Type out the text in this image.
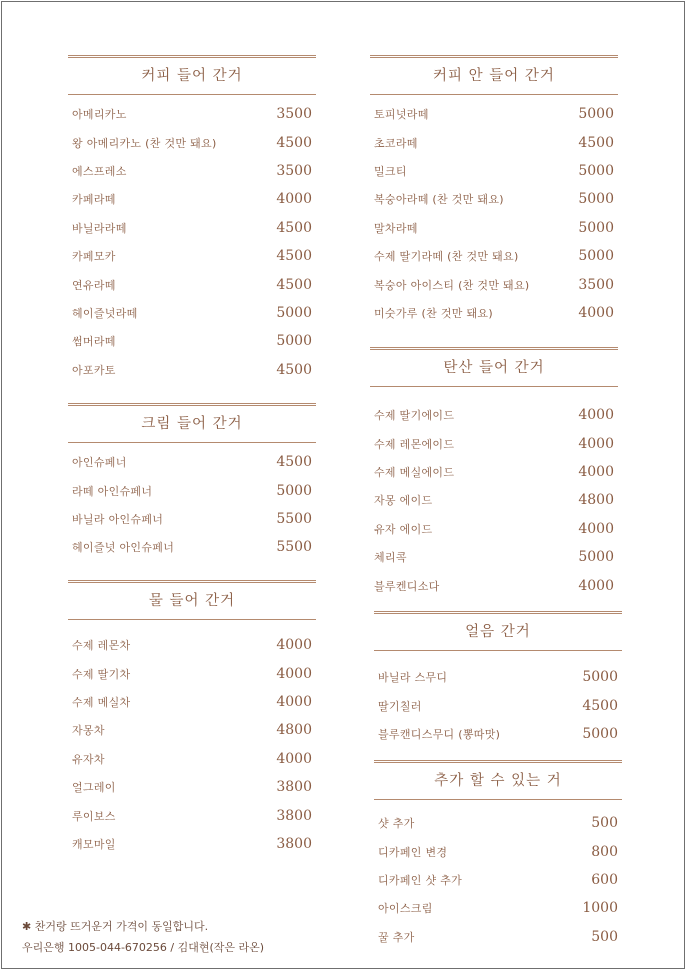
커피 들어 간거
아메리카노	3500
왕 아메리카노 (찬 것만 돼요)	4500
에스프레소	3500
카페라떼	4000
바닐라라떼	4500
카페모카	4500
연유라떼	4500
헤이즐넛라떼	5000
썸머라떼	5000
아포카토	4500
크림 들어 간거
아인슈페너	4500
라떼 아인슈페너	5000
바닐라 아인슈페너	5500
헤이즐넛 아인슈페너	5500
물 들어 간거
수제 레몬차	4000
수제 딸기차	4000
수제 메실차	4000
자몽차	4800
유자차	4000
얼그레이	3800
루이보스	3800
캐모마일	3800
커피 안 들어 간거
토피넛라떼	5000
초코라떼	4500
밀크티	5000
복숭아라떼 (찬 것만 돼요)	5000
말차라떼	5000
수제 딸기라떼 (찬 것만 돼요)	5000
복숭아 아이스티 (찬 것만 돼요)	3500
미숫가루 (찬 것만 돼요)	4000
탄산 들어 간거
수제 딸기에이드	4000
수제 레몬에이드	4000
수제 메실에이드	4000
자몽 에이드	4800
유자 에이드	4000
체리콕	5000
블루켄디소다	4000
얼음 간거
바닐라 스무디	5000
딸기칠러	4500
블루캔디스무디 (뽕따맛)	5000
추가 할 수 있는 거
샷 추가	500
디카페인 변경	800
디카페인 샷 추가	600
아이스크림	1000
꿀 추가	500
✱ 찬거랑 뜨거운거 가격이 동일합니다.
우리은행 1005-044-670256 / 김대현(작은 라온)
